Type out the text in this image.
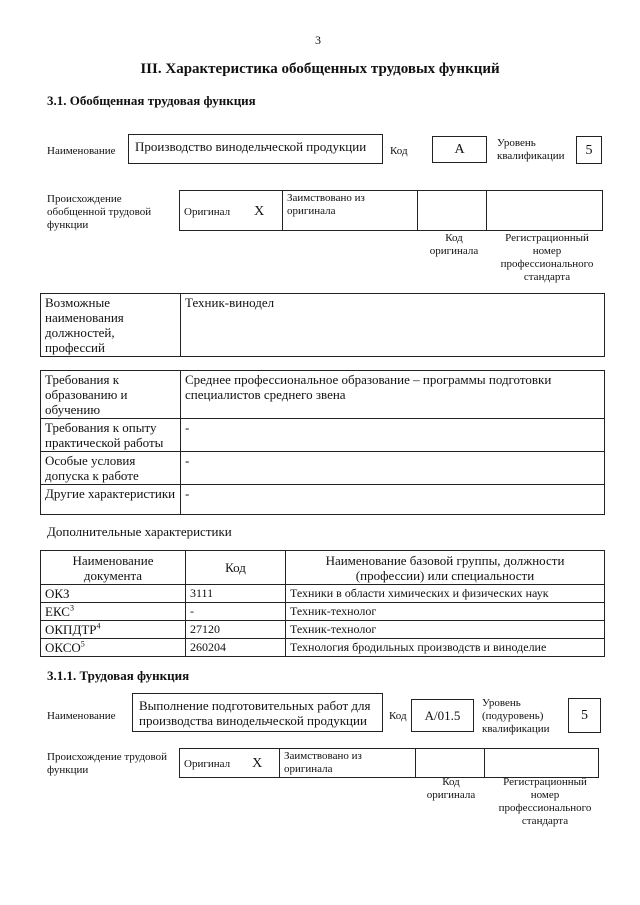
3
III. Характеристика обобщенных трудовых функций
3.1. Обобщенная трудовая функция
Наименование	Производство винодельческой продукции	Код	А	Уровень квалификации	5
Происхождение обобщенной трудовой функции
Оригинал X	Заимствовано из оригинала		
Код оригинала
Регистрационный номер профессионального стандарта
Возможные наименования должностей, профессий	Техник-винодел
Требования к образованию и обучению	Среднее профессиональное образование – программы подготовки специалистов среднего звена
Требования к опыту практической работы	-
Особые условия допуска к работе	-
Другие характеристики	-
Дополнительные характеристики
Наименование документа	Код	Наименование базовой группы, должности (профессии) или специальности
ОКЗ	3111	Техники в области химических и физических наук
ЕКС$^3$	-	Техник-технолог
ОКПДТР$^4$	27120	Техник-технолог
ОКСО$^5$	260204	Технология бродильных производств и виноделие
3.1.1. Трудовая функция
Наименование
Выполнение подготовительных работ для производства винодельческой продукции	Код	А/01.5
Уровень (подуровень) квалификации
5
Происхождение трудовой функции	Оригинал X	Заимствовано из оригинала		
Код оригинала
Регистрационный номер профессионального стандарта
